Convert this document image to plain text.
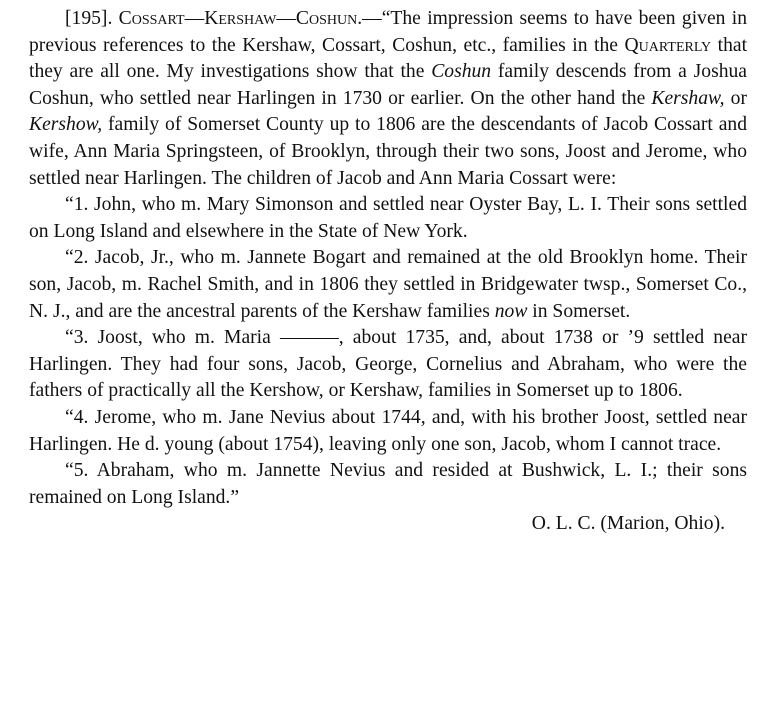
[195]. Cossart—Kershaw—Coshun.—“The impression seems to have been given in previous references to the Kershaw, Cossart, Coshun, etc., families in the Quarterly that they are all one. My investigations show that the Coshun family descends from a Joshua Coshun, who settled near Harlingen in 1730 or earlier. On the other hand the Kershaw, or Kershow, family of Somerset County up to 1806 are the descendants of Jacob Cossart and wife, Ann Maria Springsteen, of Brooklyn, through their two sons, Joost and Jerome, who settled near Harlingen. The children of Jacob and Ann Maria Cossart were:

“1. John, who m. Mary Simonson and settled near Oyster Bay, L. I. Their sons settled on Long Island and elsewhere in the State of New York.

“2. Jacob, Jr., who m. Jannete Bogart and remained at the old Brooklyn home. Their son, Jacob, m. Rachel Smith, and in 1806 they settled in Bridgewater twsp., Somerset Co., N. J., and are the ancestral parents of the Kershaw families now in Somerset.

“3. Joost, who m. Maria ———, about 1735, and, about 1738 or ’9 settled near Harlingen. They had four sons, Jacob, George, Cornelius and Abraham, who were the fathers of practically all the Kershow, or Kershaw, families in Somerset up to 1806.

“4. Jerome, who m. Jane Nevius about 1744, and, with his brother Joost, settled near Harlingen. He d. young (about 1754), leaving only one son, Jacob, whom I cannot trace.

“5. Abraham, who m. Jannette Nevius and resided at Bushwick, L. I.; their sons remained on Long Island.”

O. L. C. (Marion, Ohio).
